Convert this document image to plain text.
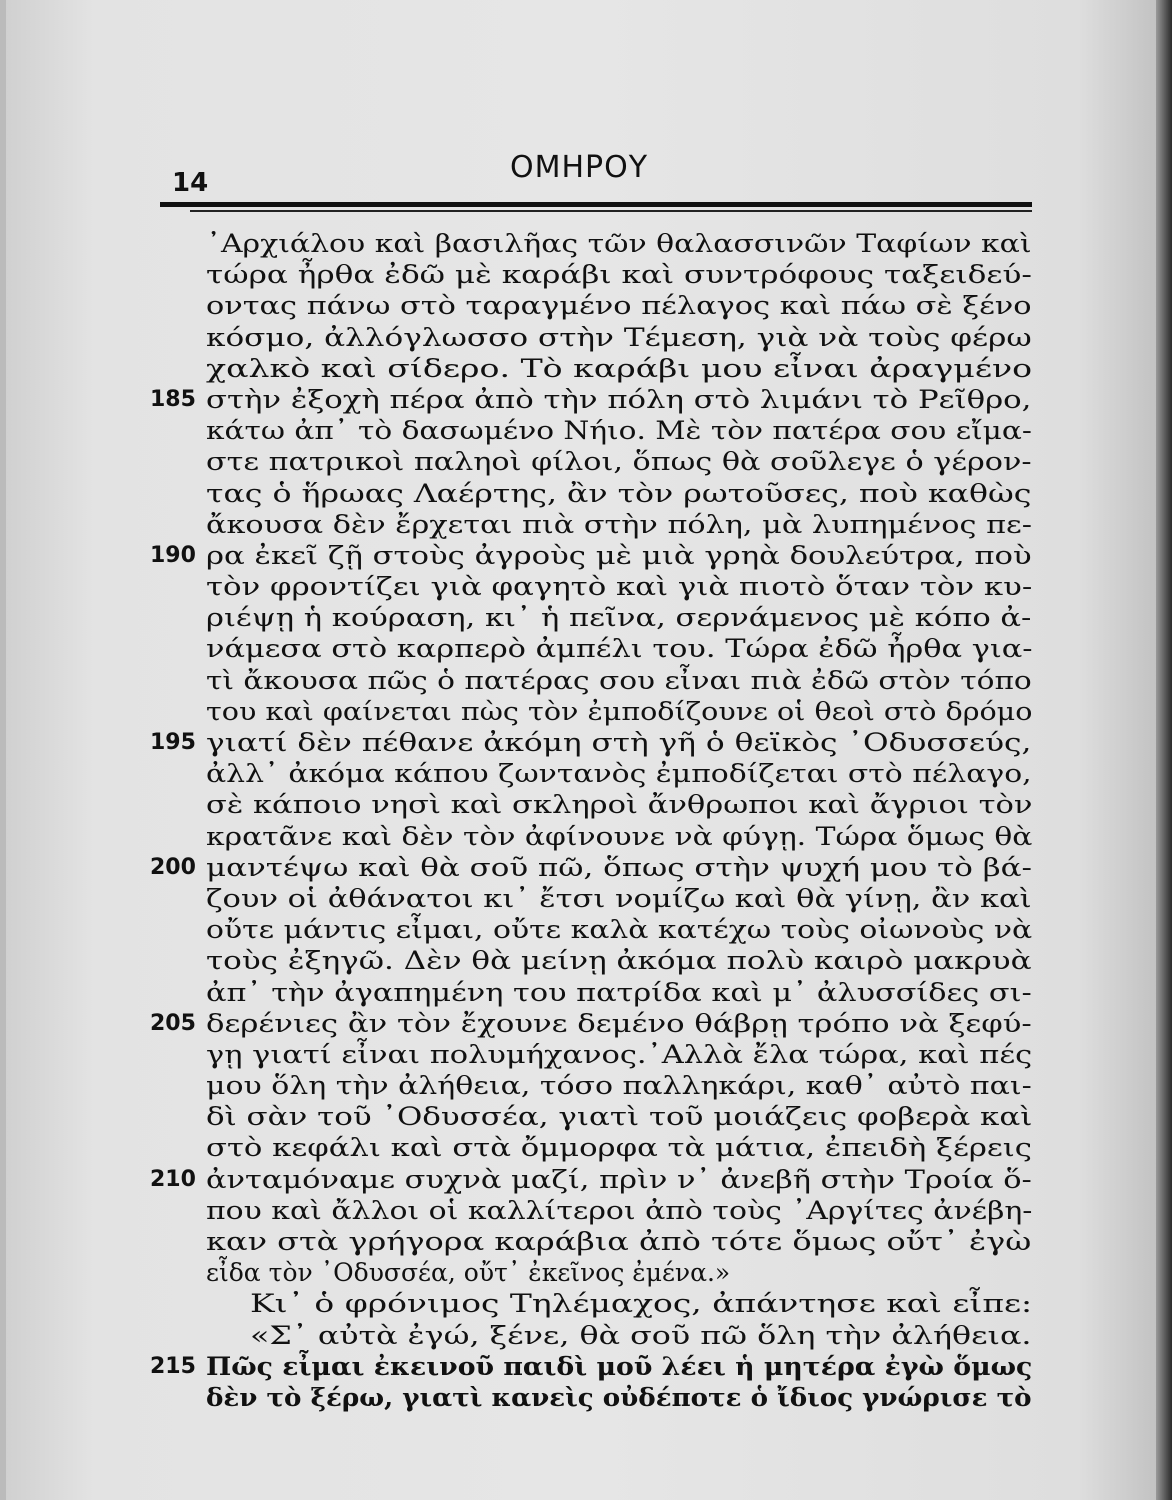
14	ΟΜΗΡΟΥ
᾿Αρχιάλου καὶ βασιλῆας τῶν θαλασσινῶν Ταφίων καὶ
τώρα ἦρθα ἐδῶ μὲ καράβι καὶ συντρόφους ταξειδεύ-
οντας πάνω στὸ ταραγμένο πέλαγος καὶ πάω σὲ ξένο
κόσμο, ἀλλόγλωσσο στὴν Τέμεση, γιὰ νὰ τοὺς φέρω
χαλκὸ καὶ σίδερο. Τὸ καράβι μου εἶναι ἀραγμένο
185 στὴν ἐξοχὴ πέρα ἀπὸ τὴν πόλη στὸ λιμάνι τὸ Ρεῖθρο,
κάτω ἀπ᾿ τὸ δασωμένο Νήιο. Μὲ τὸν πατέρα σου εἴμα-
στε πατρικοὶ παληοὶ φίλοι, ὅπως θὰ σοῦλεγε ὁ γέρον-
τας ὁ ἥρωας Λαέρτης, ἂν τὸν ρωτοῦσες, ποὺ καθὼς
ἄκουσα δὲν ἔρχεται πιὰ στὴν πόλη, μὰ λυπημένος πε-
190 ρα ἐκεῖ ζῇ στοὺς ἀγροὺς μὲ μιὰ γρηὰ δουλεύτρα, ποὺ
τὸν φροντίζει γιὰ φαγητὸ καὶ γιὰ πιοτὸ ὅταν τὸν κυ-
ριέψῃ ἡ κούραση, κι᾿ ἡ πεῖνα, σερνάμενος μὲ κόπο ἀ-
νάμεσα στὸ καρπερὸ ἀμπέλι του. Τώρα ἐδῶ ἦρθα για-
τὶ ἄκουσα πῶς ὁ πατέρας σου εἶναι πιὰ ἐδῶ στὸν τόπο
του καὶ φαίνεται πὼς τὸν ἐμποδίζουνε οἱ θεοὶ στὸ δρόμο
195 γιατί δὲν πέθανε ἀκόμη στὴ γῆ ὁ θεϊκὸς ᾿Οδυσσεύς,
ἀλλ᾿ ἀκόμα κάπου ζωντανὸς ἐμποδίζεται στὸ πέλαγο,
σὲ κάποιο νησὶ καὶ σκληροὶ ἄνθρωποι καὶ ἄγριοι τὸν
κρατᾶνε καὶ δὲν τὸν ἀφίνουνε νὰ φύγῃ. Τώρα ὅμως θὰ
200 μαντέψω καὶ θὰ σοῦ πῶ, ὅπως στὴν ψυχή μου τὸ βά-
ζουν οἱ ἀθάνατοι κι᾿ ἔτσι νομίζω καὶ θὰ γίνῃ, ἂν καὶ
οὔτε μάντις εἶμαι, οὔτε καλὰ κατέχω τοὺς οἰωνοὺς νὰ
τοὺς ἐξηγῶ. Δὲν θὰ μείνῃ ἀκόμα πολὺ καιρὸ μακρυὰ
ἀπ᾿ τὴν ἀγαπημένη του πατρίδα καὶ μ᾿ ἀλυσσίδες σι-
205 δερένιες ἂν τὸν ἔχουνε δεμένο θάβρῃ τρόπο νὰ ξεφύ-
γῃ γιατί εἶναι πολυμήχανος.᾿Αλλὰ ἔλα τώρα, καὶ πές
μου ὅλη τὴν ἀλήθεια, τόσο παλληκάρι, καθ᾿ αὐτὸ παι-
δὶ σὰν τοῦ ᾿Οδυσσέα, γιατὶ τοῦ μοιάζεις φοβερὰ καὶ
στὸ κεφάλι καὶ στὰ ὄμμορφα τὰ μάτια, ἐπειδὴ ξέρεις
210 ἀνταμόναμε συχνὰ μαζί, πρὶν ν᾿ ἀνεβῆ στὴν Τροία ὅ-
που καὶ ἄλλοι οἱ καλλίτεροι ἀπὸ τοὺς ᾿Αργίτες ἀνέβη-
καν στὰ γρήγορα καράβια ἀπὸ τότε ὅμως οὔτ᾿ ἐγὼ
εἶδα τὸν ᾿Οδυσσέα, οὔτ᾿ ἐκεῖνος ἐμένα.»
Κι᾿ ὁ φρόνιμος Τηλέμαχος, ἀπάντησε καὶ εἶπε:
«Σ᾿ αὐτὰ ἐγώ, ξένε, θὰ σοῦ πῶ ὅλη τὴν ἀλήθεια.
215 Πῶς εἶμαι ἐκεινοῦ παιδὶ μοῦ λέει ἡ μητέρα ἐγὼ ὅμως
δὲν τὸ ξέρω, γιατὶ κανεὶς οὐδέποτε ὁ ἴδιος γνώρισε τὸ
